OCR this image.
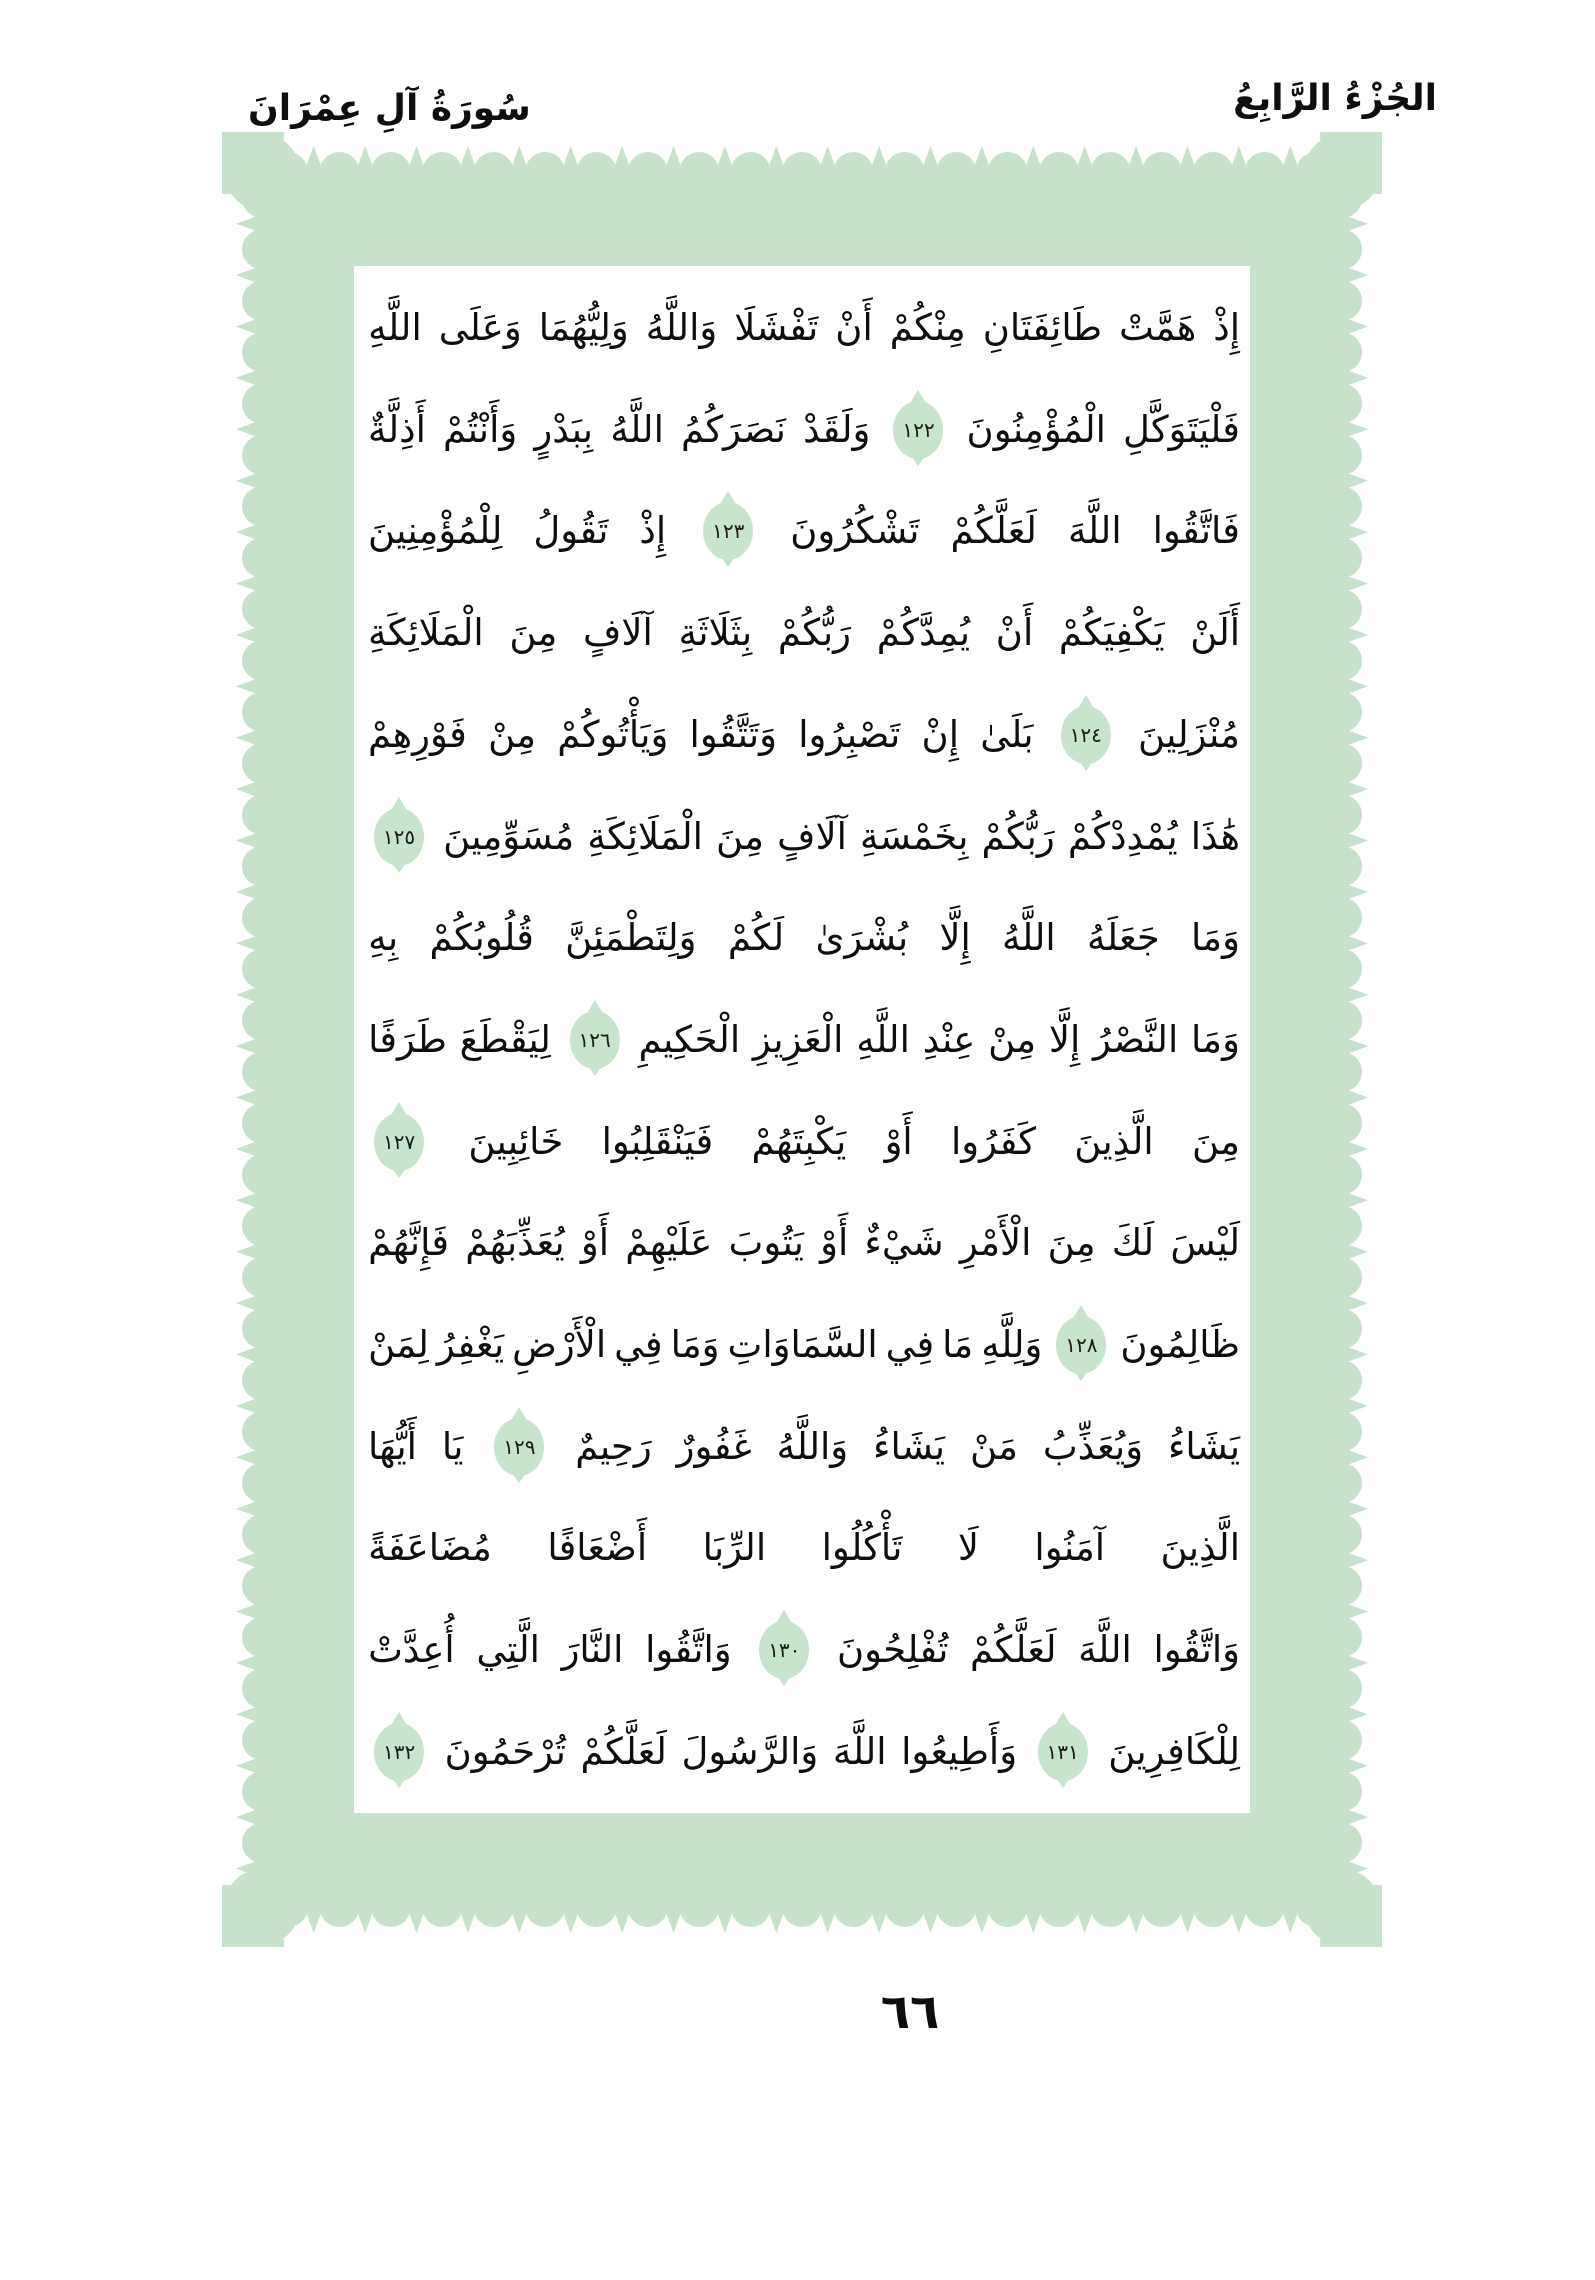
الجُزْءُ الرَّابِعُ
سُورَةُ آلِ عِمْرَانَ
إِذْ
هَمَّتْ
طَائِفَتَانِ
مِنْكُمْ
أَنْ
تَفْشَلَا
وَاللَّهُ
وَلِيُّهُمَا
وَعَلَى
اللَّهِ
فَلْيَتَوَكَّلِ
الْمُؤْمِنُونَ
١٢٢
وَلَقَدْ
نَصَرَكُمُ
اللَّهُ
بِبَدْرٍ
وَأَنْتُمْ
أَذِلَّةٌ
فَاتَّقُوا
اللَّهَ
لَعَلَّكُمْ
تَشْكُرُونَ
١٢٣
إِذْ
تَقُولُ
لِلْمُؤْمِنِينَ
أَلَنْ
يَكْفِيَكُمْ
أَنْ
يُمِدَّكُمْ
رَبُّكُمْ
بِثَلَاثَةِ
آلَافٍ
مِنَ
الْمَلَائِكَةِ
مُنْزَلِينَ
١٢٤
بَلَىٰ
إِنْ
تَصْبِرُوا
وَتَتَّقُوا
وَيَأْتُوكُمْ
مِنْ
فَوْرِهِمْ
هَٰذَا
يُمْدِدْكُمْ
رَبُّكُمْ
بِخَمْسَةِ
آلَافٍ
مِنَ
الْمَلَائِكَةِ
مُسَوِّمِينَ
١٢٥
وَمَا
جَعَلَهُ
اللَّهُ
إِلَّا
بُشْرَىٰ
لَكُمْ
وَلِتَطْمَئِنَّ
قُلُوبُكُمْ
بِهِ
وَمَا
النَّصْرُ
إِلَّا
مِنْ
عِنْدِ
اللَّهِ
الْعَزِيزِ
الْحَكِيمِ
١٢٦
لِيَقْطَعَ
طَرَفًا
مِنَ
الَّذِينَ
كَفَرُوا
أَوْ
يَكْبِتَهُمْ
فَيَنْقَلِبُوا
خَائِبِينَ
١٢٧
لَيْسَ
لَكَ
مِنَ
الْأَمْرِ
شَيْءٌ
أَوْ
يَتُوبَ
عَلَيْهِمْ
أَوْ
يُعَذِّبَهُمْ
فَإِنَّهُمْ
ظَالِمُونَ
١٢٨
وَلِلَّهِ
مَا
فِي
السَّمَاوَاتِ
وَمَا
فِي
الْأَرْضِ
يَغْفِرُ
لِمَنْ
يَشَاءُ
وَيُعَذِّبُ
مَنْ
يَشَاءُ
وَاللَّهُ
غَفُورٌ
رَحِيمٌ
١٢٩
يَا
أَيُّهَا
الَّذِينَ
آمَنُوا
لَا
تَأْكُلُوا
الرِّبَا
أَضْعَافًا
مُضَاعَفَةً
وَاتَّقُوا
اللَّهَ
لَعَلَّكُمْ
تُفْلِحُونَ
١٣٠
وَاتَّقُوا
النَّارَ
الَّتِي
أُعِدَّتْ
لِلْكَافِرِينَ
١٣١
وَأَطِيعُوا
اللَّهَ
وَالرَّسُولَ
لَعَلَّكُمْ
تُرْحَمُونَ
١٣٢
٦٦
